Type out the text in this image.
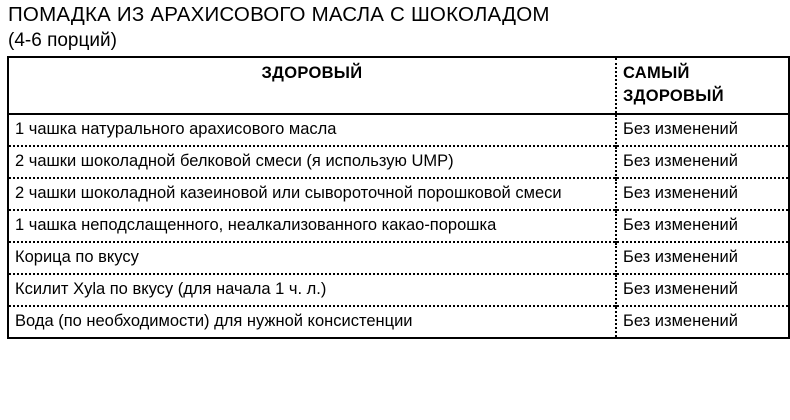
ПОМАДКА ИЗ АРАХИСОВОГО МАСЛА С ШОКОЛАДОМ
(4-6 порций)
ЗДОРОВЫЙ	САМЫЙ
ЗДОРОВЫЙ

1 чашка натурального арахисового масла	Без изменений

2 чашки шоколадной белковой смеси (я использую UMP)	Без изменений

2 чашки шоколадной казеиновой или сывороточной порошковой смеси	Без изменений

1 чашка неподслащенного, неалкализованного какао-порошка	Без изменений

Корица по вкусу	Без изменений

Ксилит Xyla по вкусу (для начала 1 ч. л.)	Без изменений

Вода (по необходимости) для нужной консистенции	Без изменений
